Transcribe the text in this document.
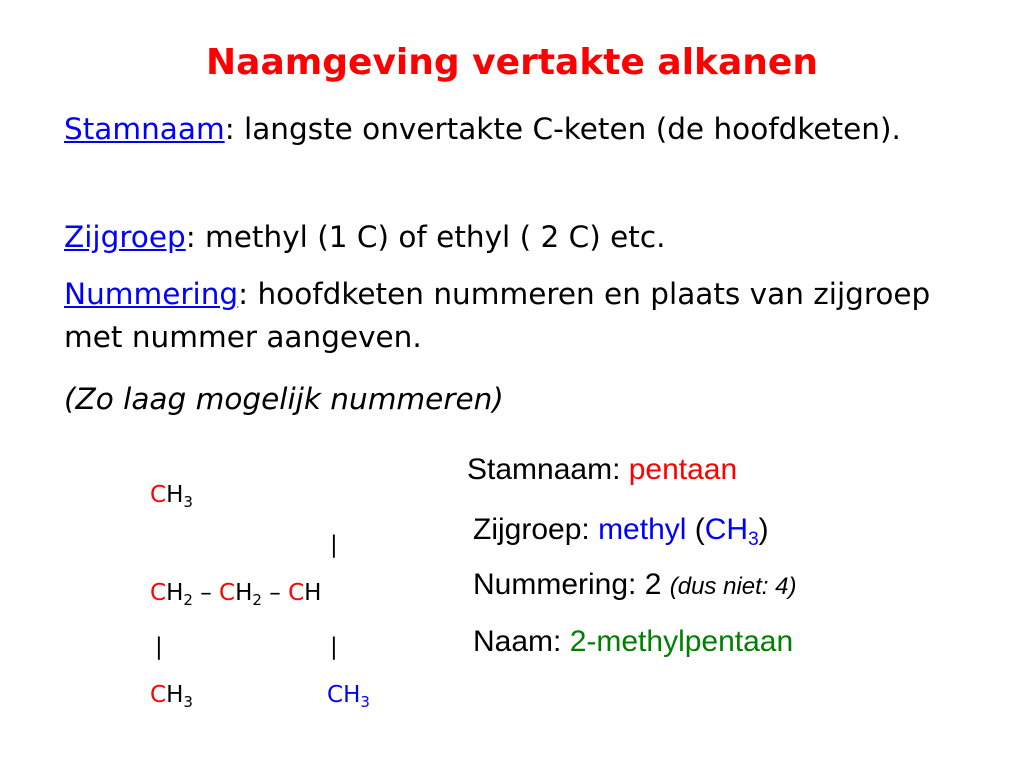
Naamgeving vertakte alkanen
Stamnaam: langste onvertakte C-keten (de hoofdketen).
Zijgroep: methyl (1 C) of ethyl ( 2 C) etc.
Nummering: hoofdketen nummeren en plaats van zijgroep met nummer aangeven.
(Zo laag mogelijk nummeren)
$CH_3$
|
$CH_2 - CH_2$ – CH
|	|
$CH_3$	$CH_3$
Stamnaam: pentaan
Zijgroep: methyl $(CH_3)$
Nummering: 2 (dus niet: 4)
Naam: 2-methylpentaan
